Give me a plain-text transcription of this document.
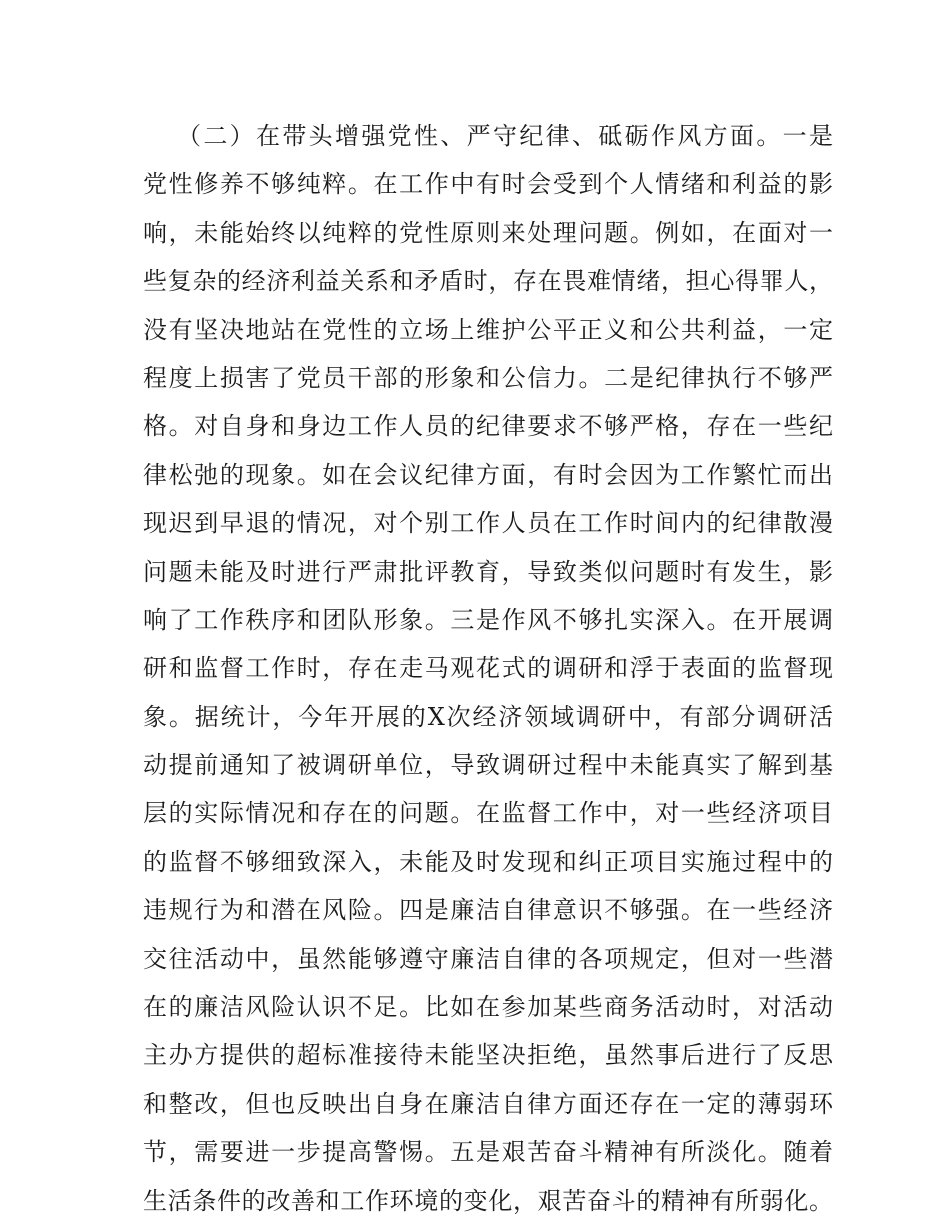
（二）在带头增强党性、严守纪律、砥砺作风方面。一是
党性修养不够纯粹。在工作中有时会受到个人情绪和利益的影
响，未能始终以纯粹的党性原则来处理问题。例如，在面对一
些复杂的经济利益关系和矛盾时，存在畏难情绪，担心得罪人，
没有坚决地站在党性的立场上维护公平正义和公共利益，一定
程度上损害了党员干部的形象和公信力。二是纪律执行不够严
格。对自身和身边工作人员的纪律要求不够严格，存在一些纪
律松弛的现象。如在会议纪律方面，有时会因为工作繁忙而出
现迟到早退的情况，对个别工作人员在工作时间内的纪律散漫
问题未能及时进行严肃批评教育，导致类似问题时有发生，影
响了工作秩序和团队形象。三是作风不够扎实深入。在开展调
研和监督工作时，存在走马观花式的调研和浮于表面的监督现
象。据统计，今年开展的X次经济领域调研中，有部分调研活
动提前通知了被调研单位，导致调研过程中未能真实了解到基
层的实际情况和存在的问题。在监督工作中，对一些经济项目
的监督不够细致深入，未能及时发现和纠正项目实施过程中的
违规行为和潜在风险。四是廉洁自律意识不够强。在一些经济
交往活动中，虽然能够遵守廉洁自律的各项规定，但对一些潜
在的廉洁风险认识不足。比如在参加某些商务活动时，对活动
主办方提供的超标准接待未能坚决拒绝，虽然事后进行了反思
和整改，但也反映出自身在廉洁自律方面还存在一定的薄弱环
节，需要进一步提高警惕。五是艰苦奋斗精神有所淡化。随着
生活条件的改善和工作环境的变化，艰苦奋斗的精神有所弱化。
